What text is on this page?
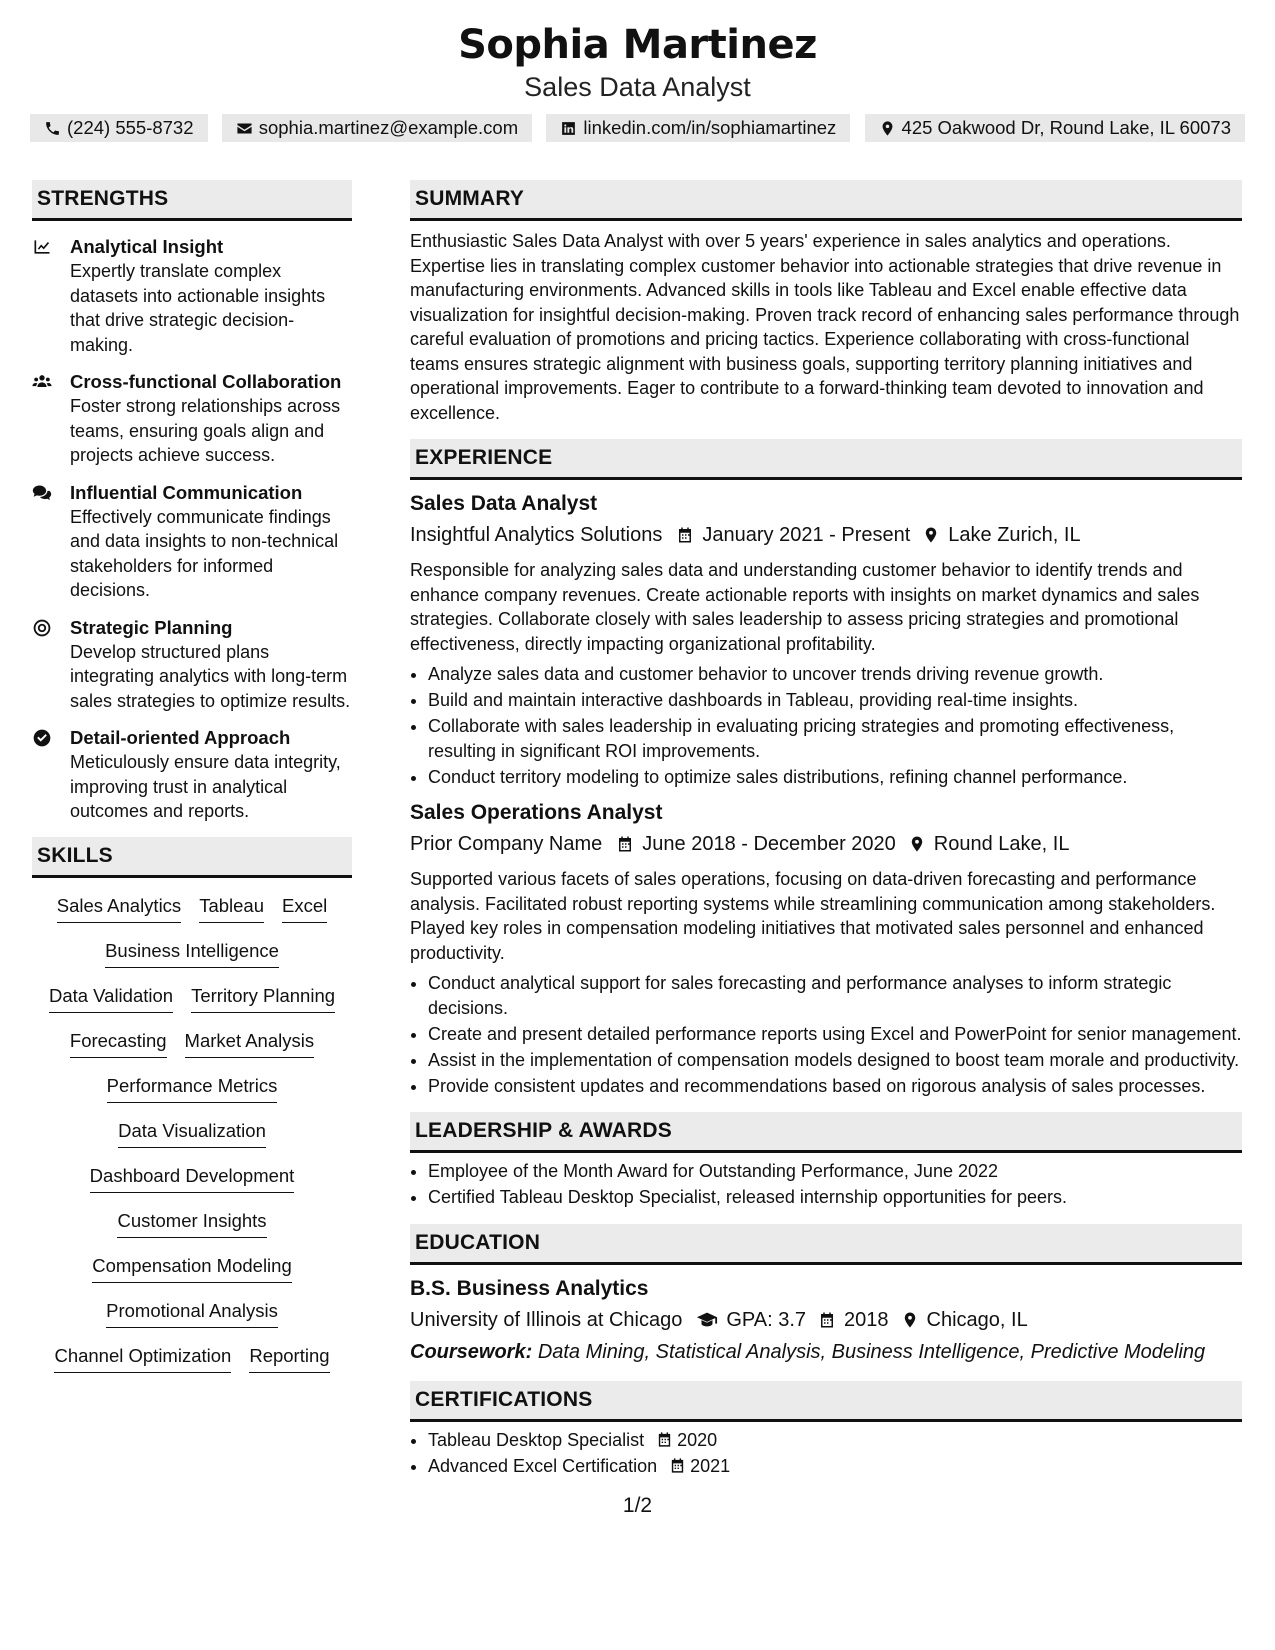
Sophia Martinez
Sales Data Analyst
(224) 555-8732	sophia.martinez@example.com	linkedin.com/in/sophiamartinez	425 Oakwood Dr, Round Lake, IL 60073
STRENGTHS
Analytical Insight
Expertly translate complex datasets into actionable insights that drive strategic decision-making.
Cross-functional Collaboration
Foster strong relationships across teams, ensuring goals align and projects achieve success.
Influential Communication
Effectively communicate findings and data insights to non-technical stakeholders for informed decisions.
Strategic Planning
Develop structured plans integrating analytics with long-term sales strategies to optimize results.
Detail-oriented Approach
Meticulously ensure data integrity, improving trust in analytical outcomes and reports.
SKILLS
Sales Analytics Tableau Excel
Business Intelligence
Data Validation Territory Planning
Forecasting Market Analysis
Performance Metrics
Data Visualization
Dashboard Development
Customer Insights
Compensation Modeling
Promotional Analysis
Channel Optimization Reporting
SUMMARY

Enthusiastic Sales Data Analyst with over 5 years' experience in sales analytics and operations. Expertise lies in translating complex customer behavior into actionable strategies that drive revenue in manufacturing environments. Advanced skills in tools like Tableau and Excel enable effective data visualization for insightful decision-making. Proven track record of enhancing sales performance through careful evaluation of promotions and pricing tactics. Experience collaborating with cross-functional teams ensures strategic alignment with business goals, supporting territory planning initiatives and operational improvements. Eager to contribute to a forward-thinking team devoted to innovation and excellence.

EXPERIENCE
Sales Data Analyst
Insightful Analytics Solutions January 2021 - Present Lake Zurich, IL

Responsible for analyzing sales data and understanding customer behavior to identify trends and enhance company revenues. Create actionable reports with insights on market dynamics and sales strategies. Collaborate closely with sales leadership to assess pricing strategies and promotional effectiveness, directly impacting organizational profitability.

• Analyze sales data and customer behavior to uncover trends driving revenue growth.
• Build and maintain interactive dashboards in Tableau, providing real-time insights.
• Collaborate with sales leadership in evaluating pricing strategies and promoting effectiveness, resulting in significant ROI improvements.
• Conduct territory modeling to optimize sales distributions, refining channel performance.
Sales Operations Analyst
Prior Company Name June 2018 - December 2020 Round Lake, IL

Supported various facets of sales operations, focusing on data-driven forecasting and performance analysis. Facilitated robust reporting systems while streamlining communication among stakeholders. Played key roles in compensation modeling initiatives that motivated sales personnel and enhanced productivity.

• Conduct analytical support for sales forecasting and performance analyses to inform strategic decisions.
• Create and present detailed performance reports using Excel and PowerPoint for senior management.
• Assist in the implementation of compensation models designed to boost team morale and productivity.
• Provide consistent updates and recommendations based on rigorous analysis of sales processes.
LEADERSHIP & AWARDS
• Employee of the Month Award for Outstanding Performance, June 2022
• Certified Tableau Desktop Specialist, released internship opportunities for peers.
EDUCATION
B.S. Business Analytics
University of Illinois at Chicago GPA: 3.7 2018 Chicago, IL
Coursework: Data Mining, Statistical Analysis, Business Intelligence, Predictive Modeling
CERTIFICATIONS
• Tableau Desktop Specialist 2020
• Advanced Excel Certification 2021
1/2
